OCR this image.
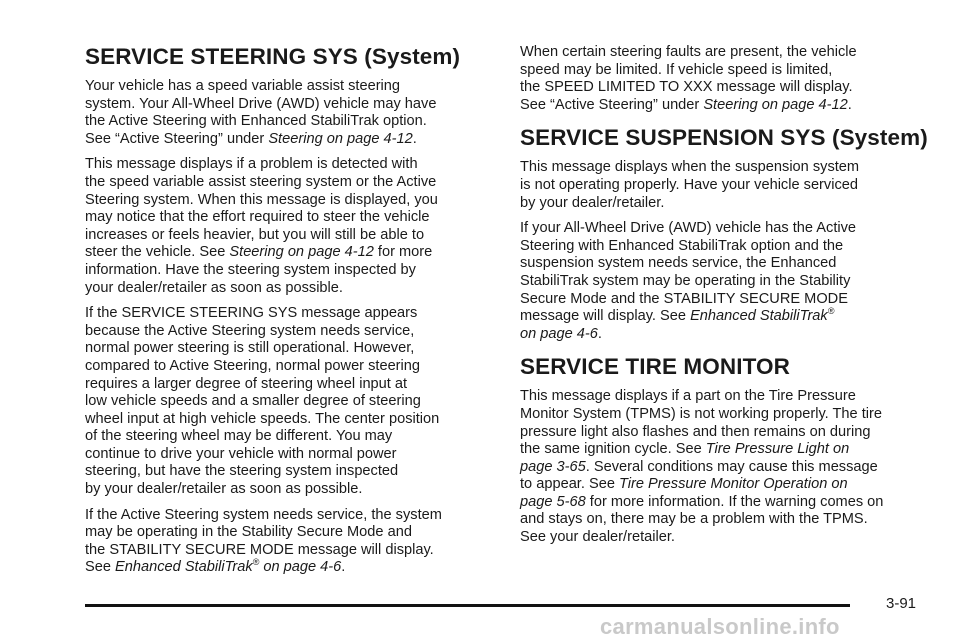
SERVICE STEERING SYS (System)

Your vehicle has a speed variable assist steering
system. Your All-Wheel Drive (AWD) vehicle may have
the Active Steering with Enhanced StabiliTrak option.
See “Active Steering” under Steering on page 4-12.

This message displays if a problem is detected with
the speed variable assist steering system or the Active
Steering system. When this message is displayed, you
may notice that the effort required to steer the vehicle
increases or feels heavier, but you will still be able to
steer the vehicle. See Steering on page 4-12 for more
information. Have the steering system inspected by
your dealer/retailer as soon as possible.

If the SERVICE STEERING SYS message appears
because the Active Steering system needs service,
normal power steering is still operational. However,
compared to Active Steering, normal power steering
requires a larger degree of steering wheel input at
low vehicle speeds and a smaller degree of steering
wheel input at high vehicle speeds. The center position
of the steering wheel may be different. You may
continue to drive your vehicle with normal power
steering, but have the steering system inspected
by your dealer/retailer as soon as possible.

If the Active Steering system needs service, the system
may be operating in the Stability Secure Mode and
the STABILITY SECURE MODE message will display.
See Enhanced StabiliTrak® on page 4-6.

When certain steering faults are present, the vehicle
speed may be limited. If vehicle speed is limited,
the SPEED LIMITED TO XXX message will display.
See “Active Steering” under Steering on page 4-12.

SERVICE SUSPENSION SYS (System)

This message displays when the suspension system
is not operating properly. Have your vehicle serviced
by your dealer/retailer.

If your All-Wheel Drive (AWD) vehicle has the Active
Steering with Enhanced StabiliTrak option and the
suspension system needs service, the Enhanced
StabiliTrak system may be operating in the Stability
Secure Mode and the STABILITY SECURE MODE
message will display. See Enhanced StabiliTrak®
on page 4-6.

SERVICE TIRE MONITOR

This message displays if a part on the Tire Pressure
Monitor System (TPMS) is not working properly. The tire
pressure light also flashes and then remains on during
the same ignition cycle. See Tire Pressure Light on
page 3-65. Several conditions may cause this message
to appear. See Tire Pressure Monitor Operation on
page 5-68 for more information. If the warning comes on
and stays on, there may be a problem with the TPMS.
See your dealer/retailer.

3-91
carmanualsonline.info
